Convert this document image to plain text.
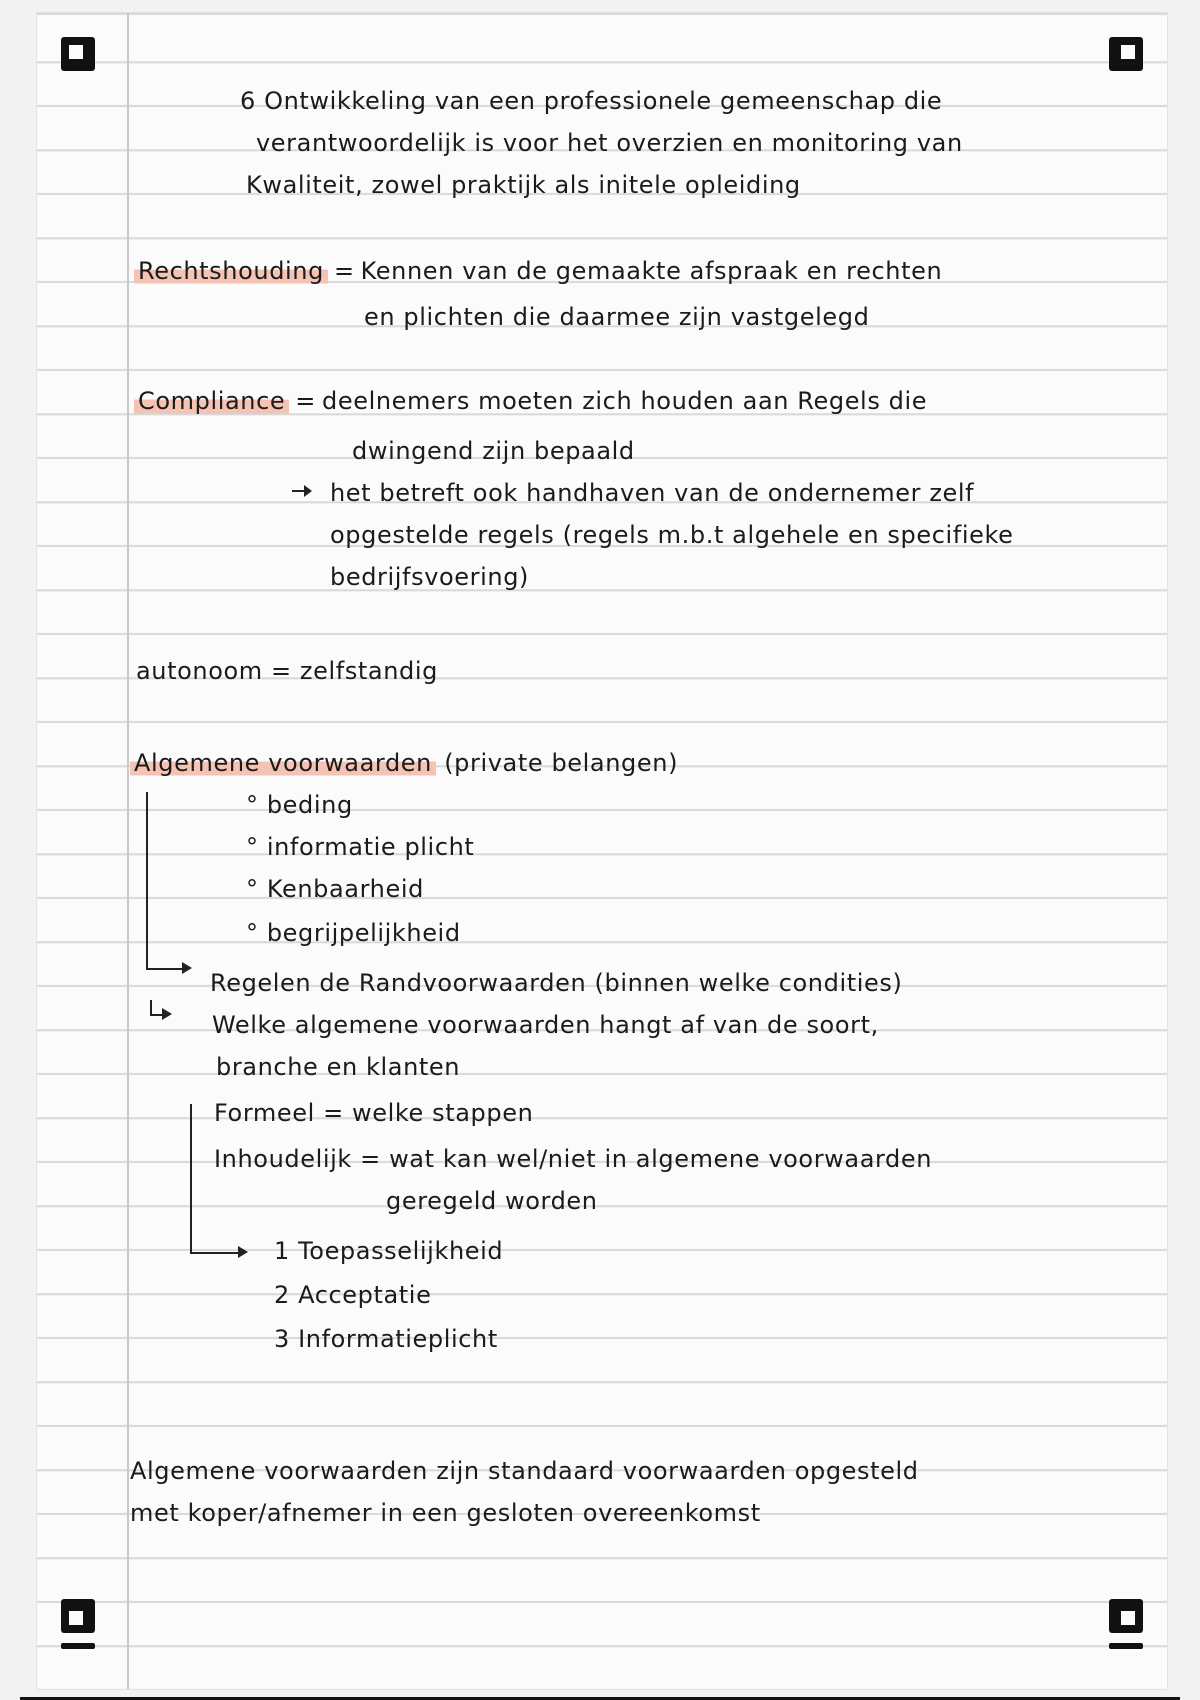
6 Ontwikkeling van een professionele gemeenschap die
verantwoordelijk is voor het overzien en monitoring van
Kwaliteit, zowel praktijk als initele opleiding
Rechtshouding = Kennen van de gemaakte afspraak en rechten
en plichten die daarmee zijn vastgelegd
Compliance = deelnemers moeten zich houden aan Regels die
dwingend zijn bepaald
het betreft ook handhaven van de ondernemer zelf
opgestelde regels (regels m.b.t algehele en specifieke
bedrijfsvoering)
autonoom = zelfstandig
Algemene voorwaarden (private belangen)
° beding
° informatie plicht
° Kenbaarheid
° begrijpelijkheid
Regelen de Randvoorwaarden (binnen welke condities)
Welke algemene voorwaarden hangt af van de soort,
branche en klanten
Formeel = welke stappen
Inhoudelijk = wat kan wel/niet in algemene voorwaarden
geregeld worden
1 Toepasselijkheid
2 Acceptatie
3 Informatieplicht
Algemene voorwaarden zijn standaard voorwaarden opgesteld
met koper/afnemer in een gesloten overeenkomst
